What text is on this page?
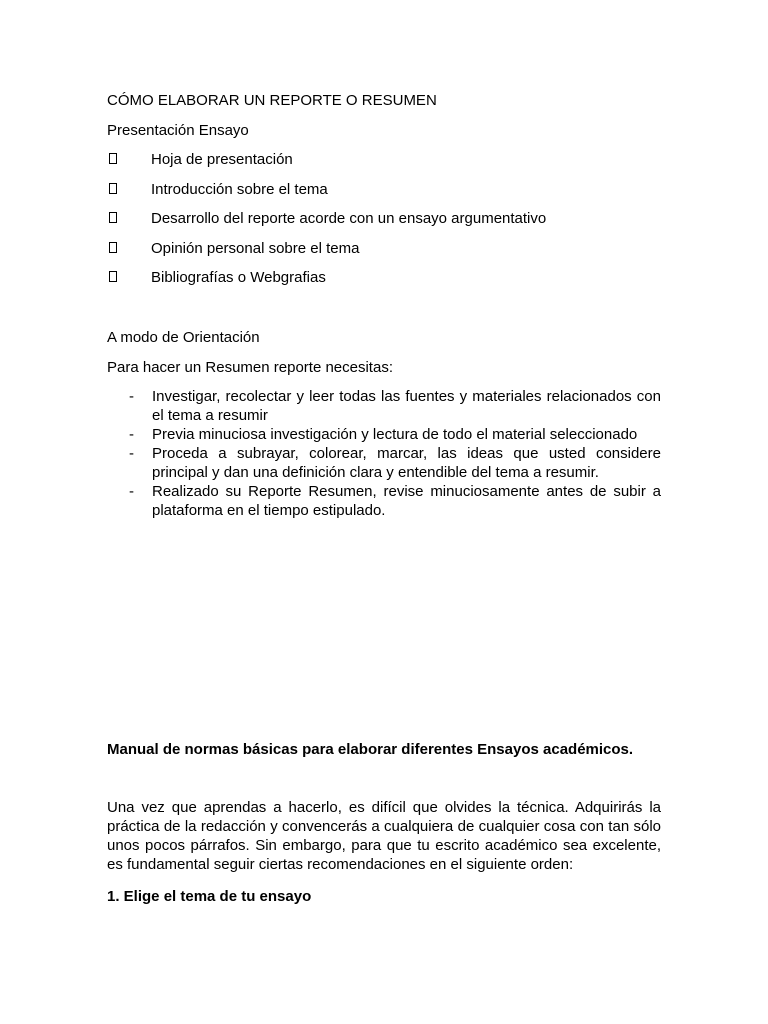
CÓMO ELABORAR UN REPORTE O RESUMEN
Presentación Ensayo
Hoja de presentación
Introducción sobre el tema
Desarrollo del reporte acorde con un ensayo argumentativo
Opinión personal sobre el tema
Bibliografías o Webgrafias
A modo de Orientación
Para hacer un Resumen reporte necesitas:
- Investigar, recolectar y leer todas las fuentes y materiales relacionados con el tema a resumir
- Previa minuciosa investigación y lectura de todo el material seleccionado
- Proceda a subrayar, colorear, marcar, las ideas que usted considere principal y dan una definición clara y entendible del tema a resumir.
- Realizado su Reporte Resumen, revise minuciosamente antes de subir a plataforma en el tiempo estipulado.
Manual de normas básicas para elaborar diferentes Ensayos académicos.

Una vez que aprendas a hacerlo, es difícil que olvides la técnica. Adquirirás la práctica de la redacción y convencerás a cualquiera de cualquier cosa con tan sólo unos pocos párrafos. Sin embargo, para que tu escrito académico sea excelente, es fundamental seguir ciertas recomendaciones en el siguiente orden:

1. Elige el tema de tu ensayo
